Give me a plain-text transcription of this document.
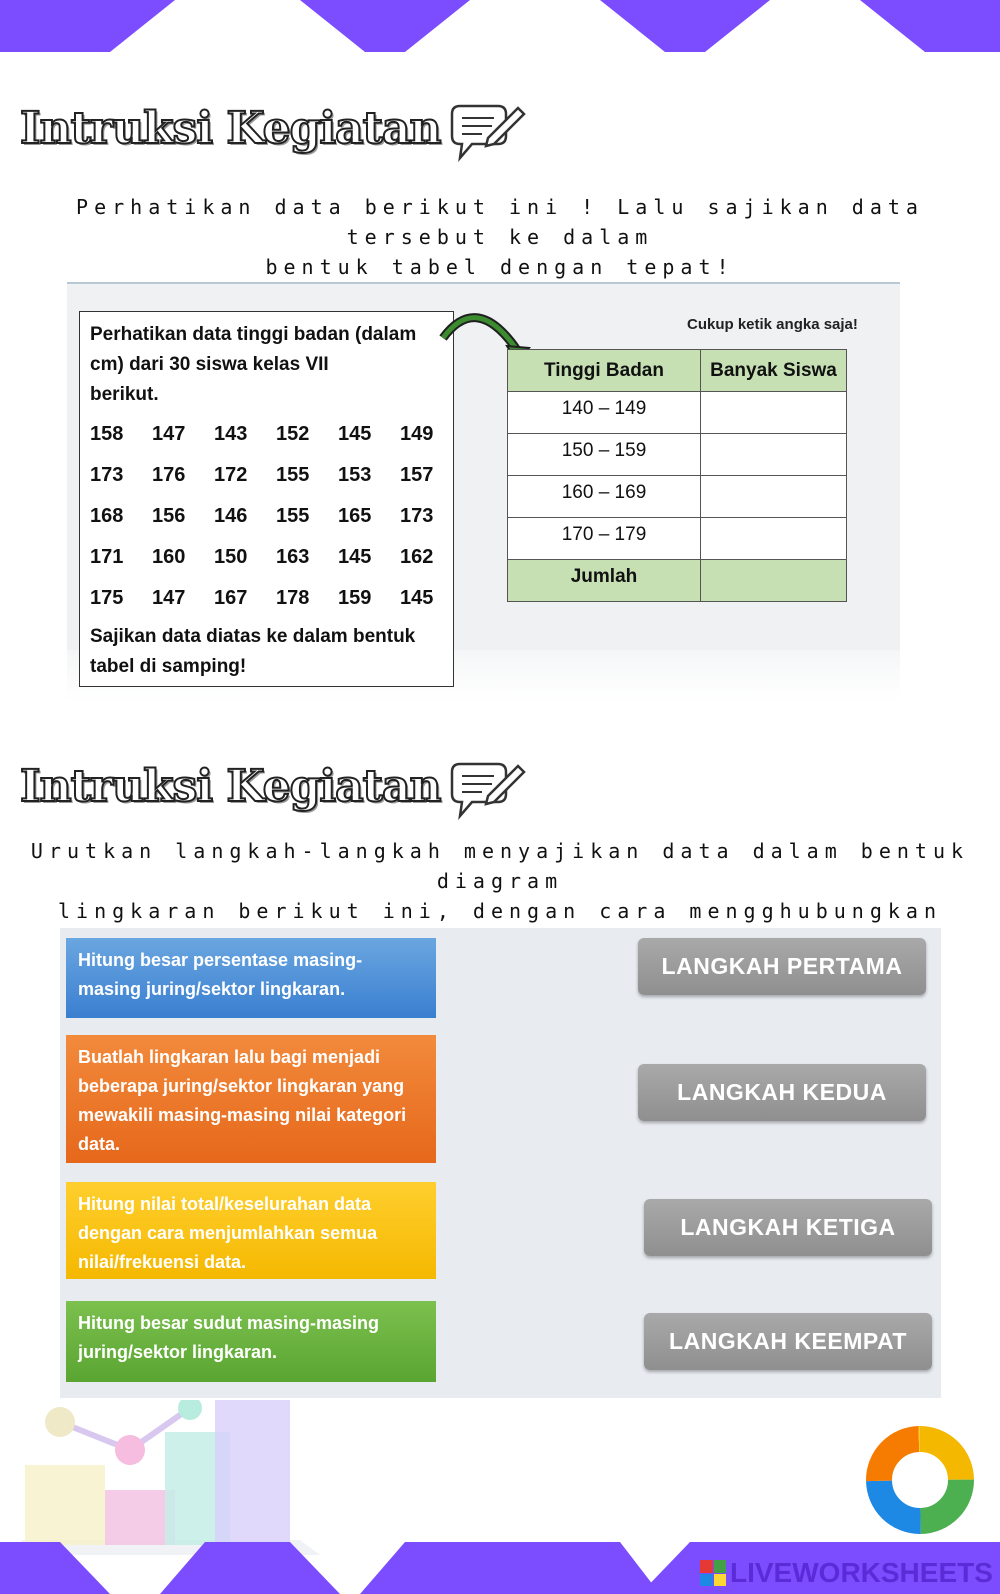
Intruksi Kegiatan
Perhatikan data berikut ini ! Lalu sajikan data tersebut ke dalam
bentuk tabel dengan tepat!
Perhatikan data tinggi badan (dalam
cm) dari 30 siswa kelas VII
berikut.
158	147	143	152	145	149
173	176	172	155	153	157
168	156	146	155	165	173
171	160	150	163	145	162
175	147	167	178	159	145
Sajikan data diatas ke dalam bentuk
tabel di samping!
Cukup ketik angka saja!
Tinggi Badan	Banyak Siswa
140 – 149	
150 – 159	
160 – 169	
170 – 179	
Jumlah	
Intruksi Kegiatan
Urutkan langkah-langkah menyajikan data dalam bentuk diagram
lingkaran berikut ini, dengan cara mengghubungkan
Hitung besar persentase masing-masing juring/sektor lingkaran.
Buatlah lingkaran lalu bagi menjadi beberapa juring/sektor lingkaran yang mewakili masing-masing nilai kategori data.
Hitung nilai total/keselurahan data dengan cara menjumlahkan semua nilai/frekuensi data.
Hitung besar sudut masing-masing juring/sektor lingkaran.
LANGKAH PERTAMA
LANGKAH KEDUA
LANGKAH KETIGA
LANGKAH KEEMPAT
LIVEWORKSHEETS
